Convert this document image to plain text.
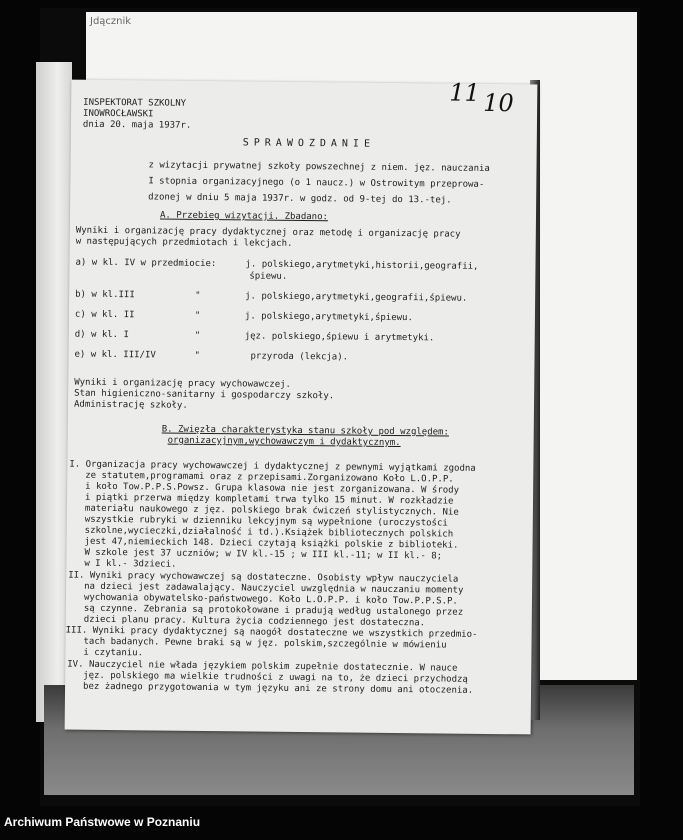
Jdącznik
INSPEKTORAT SZKOLNY
INOWROCŁAWSKI
dnia 20. maja 1937r.
11 10
SPRAWOZDANIE
z wizytacji prywatnej szkoły powszechnej z niem. jęz. nauczania
I stopnia organizacyjnego (o 1 naucz.) w Ostrowitym przeprowa-
dzonej w dniu 5 maja 1937r. w godz. od 9-tej do 13.-tej.
A. Przebieg wizytacji. Zbadano:
Wyniki i organizację pracy dydaktycznej oraz metodę i organizację pracy
w następujących przedmiotach i lekcjach.
a) w kl. IV w przedmiocie:	j. polskiego,arytmetyki,historii,geografii,
śpiewu.
b) w kl.III	"	j. polskiego,arytmetyki,geografii,śpiewu.
c) w kl. II	"	j. polskiego,arytmetyki,śpiewu.
d) w kl. I	"	jęz. polskiego,śpiewu i arytmetyki.
e) w kl. III/IV	"	przyroda (lekcja).
Wyniki i organizację pracy wychowawczej.
Stan higieniczno-sanitarny i gospodarczy szkoły.
Administrację szkoły.
B. Zwięzła charakterystyka stanu szkoły pod względem:
organizacyjnym,wychowawczym i dydaktycznym.
I. Organizacja pracy wychowawczej i dydaktycznej z pewnymi wyjątkami zgodna
ze statutem,programami oraz z przepisami.Zorganizowano Koło L.O.P.P.
i koło Tow.P.P.S.Powsz. Grupa klasowa nie jest zorganizowana. W środy
i piątki przerwa między kompletami trwa tylko 15 minut. W rozkładzie
materiału naukowego z jęz. polskiego brak ćwiczeń stylistycznych. Nie
wszystkie rubryki w dzienniku lekcyjnym są wypełnione (uroczystości
szkolne,wycieczki,działalność i td.).Książek bibliotecznych polskich
jest 47,niemieckich 148. Dzieci czytają książki polskie z biblioteki.
W szkole jest 37 uczniów; w IV kl.-15 ; w III kl.-11; w II kl.- 8;
w I kl.- 3dzieci.
II. Wyniki pracy wychowawczej są dostateczne. Osobisty wpływ nauczyciela
na dzieci jest zadawalający. Nauczyciel uwzględnia w nauczaniu momenty
wychowania obywatelsko-państwowego. Koło L.O.P.P. i koło Tow.P.P.S.P.
są czynne. Zebrania są protokołowane i pradują według ustalonego przez
dzieci planu pracy. Kultura życia codziennego jest dostateczna.
III. Wyniki pracy dydaktycznej są naogół dostateczne we wszystkich przedmio-
tach badanych. Pewne braki są w jęz. polskim,szczególnie w mówieniu
i czytaniu.
IV. Nauczyciel nie włada językiem polskim zupełnie dostatecznie. W nauce
jęz. polskiego ma wielkie trudności z uwagi na to, że dzieci przychodzą
bez żadnego przygotowania w tym języku ani ze strony domu ani otoczenia.
Archiwum Państwowe w Poznaniu
